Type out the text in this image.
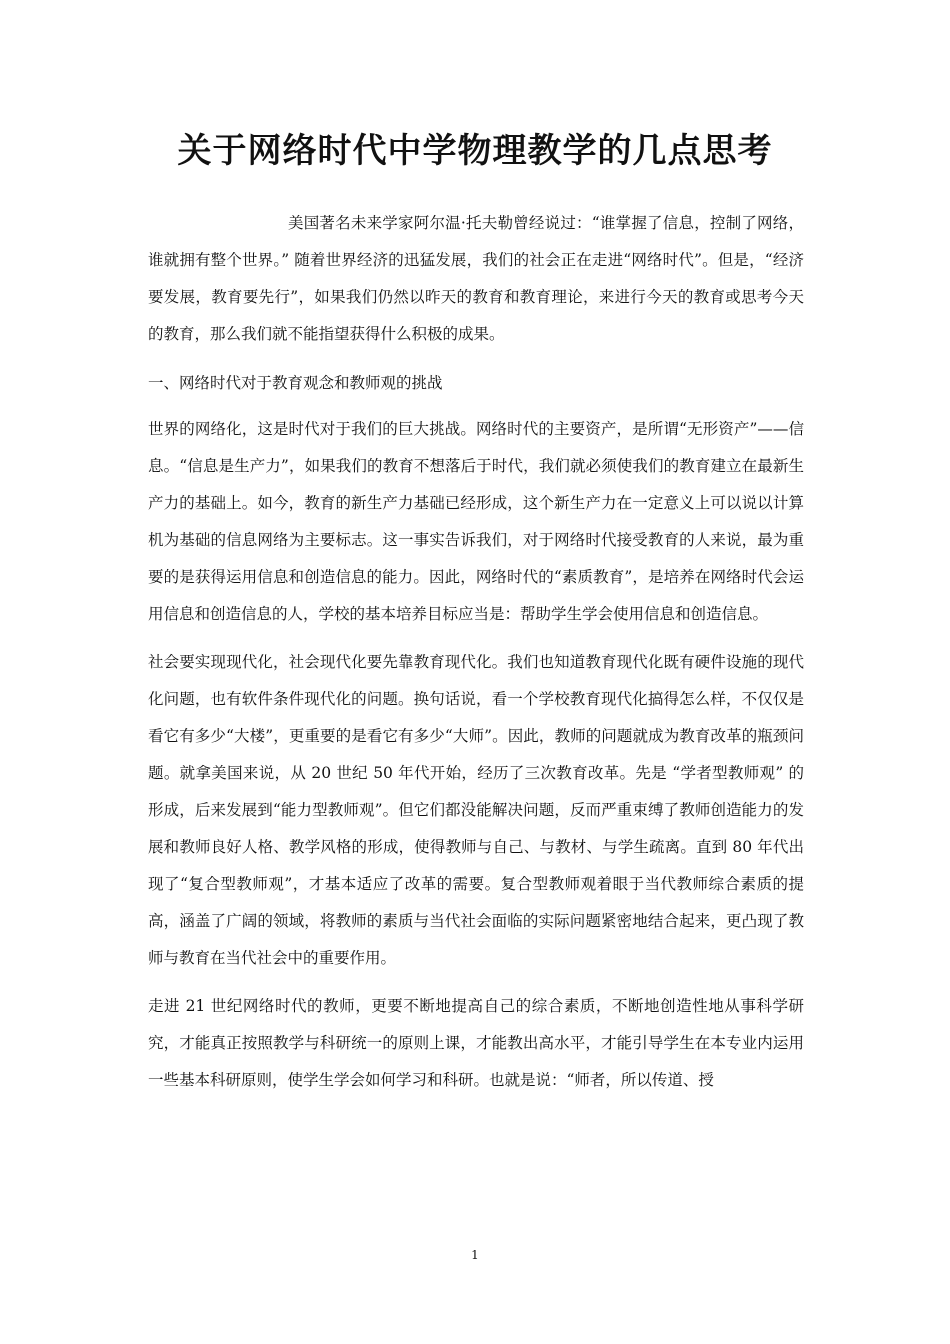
关于网络时代中学物理教学的几点思考

美国著名未来学家阿尔温·托夫勒曾经说过：“谁掌握了信息，控制了网络，谁就拥有整个世界。” 随着世界经济的迅猛发展，我们的社会正在走进“网络时代”。但是，“经济要发展，教育要先行”，如果我们仍然以昨天的教育和教育理论，来进行今天的教育或思考今天的教育，那么我们就不能指望获得什么积极的成果。

一、网络时代对于教育观念和教师观的挑战

世界的网络化，这是时代对于我们的巨大挑战。网络时代的主要资产，是所谓“无形资产”——信息。“信息是生产力”，如果我们的教育不想落后于时代，我们就必须使我们的教育建立在最新生产力的基础上。如今，教育的新生产力基础已经形成，这个新生产力在一定意义上可以说以计算机为基础的信息网络为主要标志。这一事实告诉我们，对于网络时代接受教育的人来说，最为重要的是获得运用信息和创造信息的能力。因此，网络时代的“素质教育”，是培养在网络时代会运用信息和创造信息的人，学校的基本培养目标应当是：帮助学生学会使用信息和创造信息。

社会要实现现代化，社会现代化要先靠教育现代化。我们也知道教育现代化既有硬件设施的现代化问题，也有软件条件现代化的问题。换句话说，看一个学校教育现代化搞得怎么样，不仅仅是看它有多少“大楼”，更重要的是看它有多少“大师”。因此，教师的问题就成为教育改革的瓶颈问题。就拿美国来说，从 20 世纪 50 年代开始，经历了三次教育改革。先是 “学者型教师观” 的形成，后来发展到“能力型教师观”。但它们都没能解决问题，反而严重束缚了教师创造能力的发展和教师良好人格、教学风格的形成，使得教师与自己、与教材、与学生疏离。直到 80 年代出现了“复合型教师观”，才基本适应了改革的需要。复合型教师观着眼于当代教师综合素质的提高，涵盖了广阔的领域，将教师的素质与当代社会面临的实际问题紧密地结合起来，更凸现了教师与教育在当代社会中的重要作用。

走进 21 世纪网络时代的教师，更要不断地提高自己的综合素质，不断地创造性地从事科学研究，才能真正按照教学与科研统一的原则上课，才能教出高水平，才能引导学生在本专业内运用一些基本科研原则，使学生学会如何学习和科研。也就是说：“师者，所以传道、授

1
